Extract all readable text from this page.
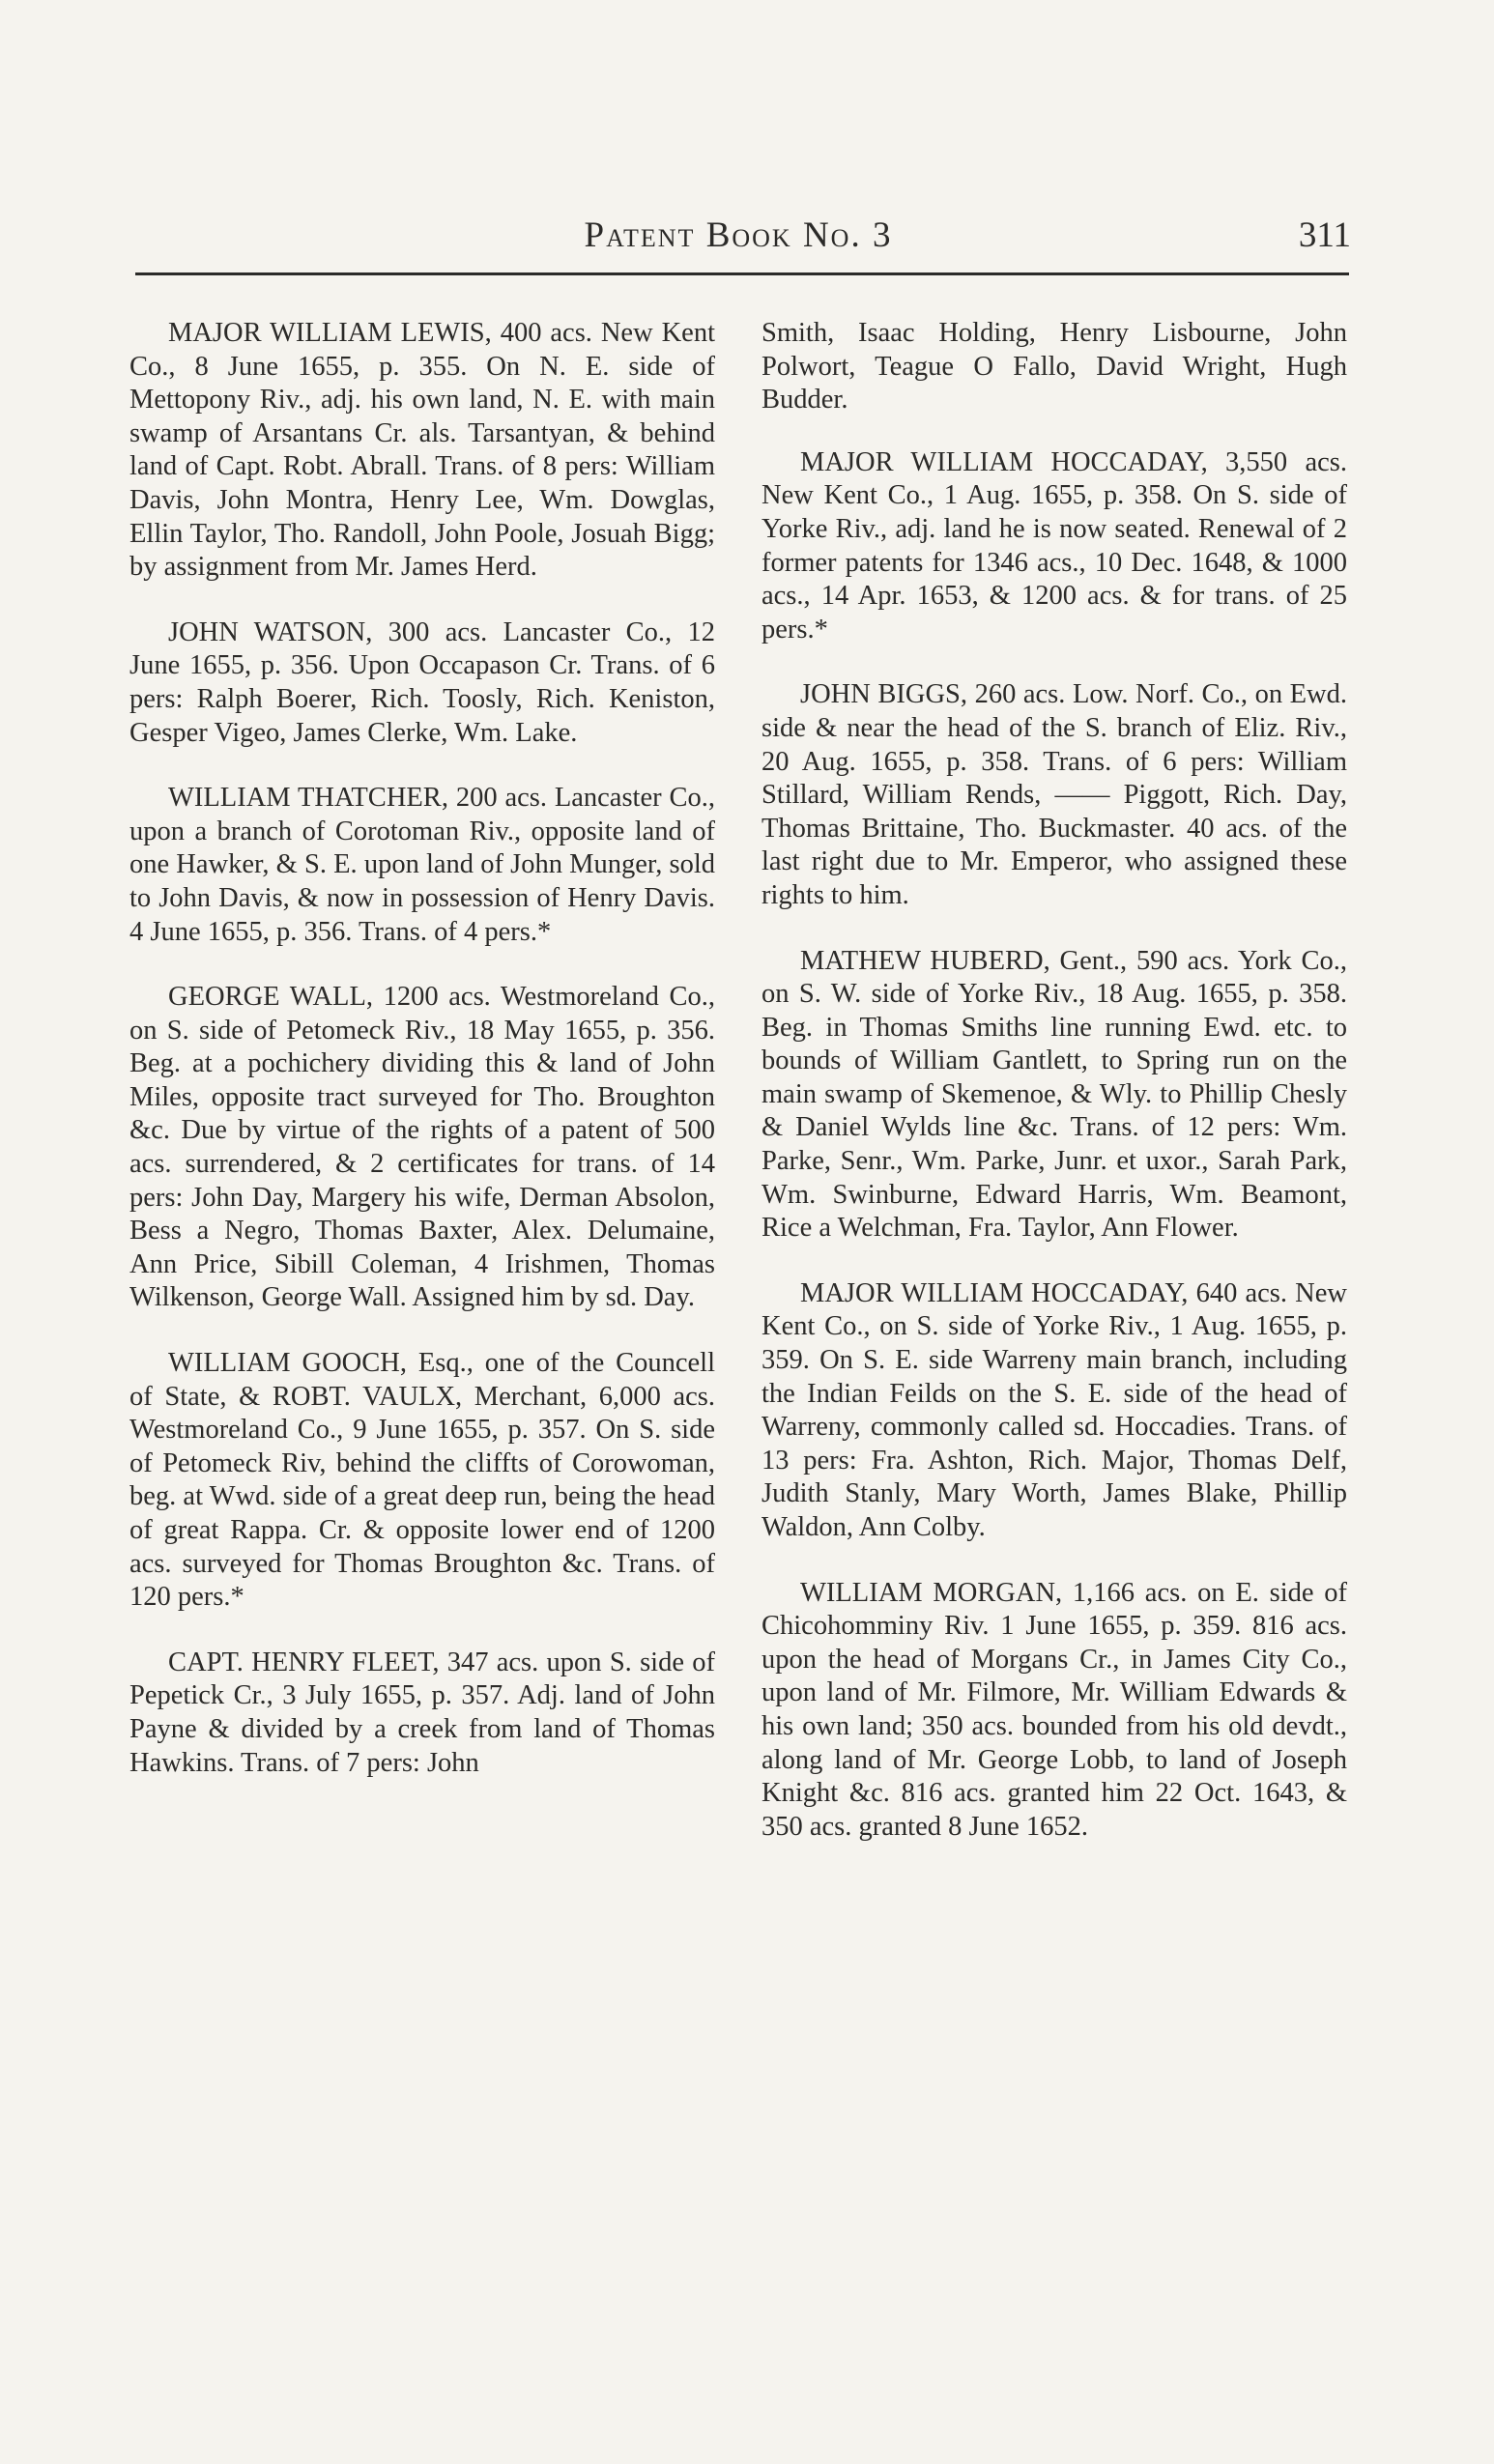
Patent Book No. 3	311

MAJOR WILLIAM LEWIS, 400 acs. New Kent Co., 8 June 1655, p. 355. On N. E. side of Mettopony Riv., adj. his own land, N. E. with main swamp of Arsantans Cr. als. Tarsantyan, & behind land of Capt. Robt. Abrall. Trans. of 8 pers: William Davis, John Montra, Henry Lee, Wm. Dowglas, Ellin Taylor, Tho. Randoll, John Poole, Josuah Bigg; by assignment from Mr. James Herd.

JOHN WATSON, 300 acs. Lancaster Co., 12 June 1655, p. 356. Upon Occapason Cr. Trans. of 6 pers: Ralph Boerer, Rich. Toosly, Rich. Keniston, Gesper Vigeo, James Clerke, Wm. Lake.

WILLIAM THATCHER, 200 acs. Lancaster Co., upon a branch of Corotoman Riv., opposite land of one Hawker, & S. E. upon land of John Munger, sold to John Davis, & now in possession of Henry Davis. 4 June 1655, p. 356. Trans. of 4 pers.*

GEORGE WALL, 1200 acs. Westmoreland Co., on S. side of Petomeck Riv., 18 May 1655, p. 356. Beg. at a pochichery dividing this & land of John Miles, opposite tract surveyed for Tho. Broughton &c. Due by virtue of the rights of a patent of 500 acs. surrendered, & 2 certificates for trans. of 14 pers: John Day, Margery his wife, Derman Absolon, Bess a Negro, Thomas Baxter, Alex. Delumaine, Ann Price, Sibill Coleman, 4 Irishmen, Thomas Wilkenson, George Wall. Assigned him by sd. Day.

WILLIAM GOOCH, Esq., one of the Councell of State, & ROBT. VAULX, Merchant, 6,000 acs. Westmoreland Co., 9 June 1655, p. 357. On S. side of Petomeck Riv, behind the cliffts of Corowoman, beg. at Wwd. side of a great deep run, being the head of great Rappa. Cr. & opposite lower end of 1200 acs. surveyed for Thomas Broughton &c. Trans. of 120 pers.*

CAPT. HENRY FLEET, 347 acs. upon S. side of Pepetick Cr., 3 July 1655, p. 357. Adj. land of John Payne & divided by a creek from land of Thomas Hawkins. Trans. of 7 pers: John

Smith, Isaac Holding, Henry Lisbourne, John Polwort, Teague O Fallo, David Wright, Hugh Budder.

MAJOR WILLIAM HOCCADAY, 3,550 acs. New Kent Co., 1 Aug. 1655, p. 358. On S. side of Yorke Riv., adj. land he is now seated. Renewal of 2 former patents for 1346 acs., 10 Dec. 1648, & 1000 acs., 14 Apr. 1653, & 1200 acs. & for trans. of 25 pers.*

JOHN BIGGS, 260 acs. Low. Norf. Co., on Ewd. side & near the head of the S. branch of Eliz. Riv., 20 Aug. 1655, p. 358. Trans. of 6 pers: William Stillard, William Rends, —— Piggott, Rich. Day, Thomas Brittaine, Tho. Buckmaster. 40 acs. of the last right due to Mr. Emperor, who assigned these rights to him.

MATHEW HUBERD, Gent., 590 acs. York Co., on S. W. side of Yorke Riv., 18 Aug. 1655, p. 358. Beg. in Thomas Smiths line running Ewd. etc. to bounds of William Gantlett, to Spring run on the main swamp of Skemenoe, & Wly. to Phillip Chesly & Daniel Wylds line &c. Trans. of 12 pers: Wm. Parke, Senr., Wm. Parke, Junr. et uxor., Sarah Park, Wm. Swinburne, Edward Harris, Wm. Beamont, Rice a Welchman, Fra. Taylor, Ann Flower.

MAJOR WILLIAM HOCCADAY, 640 acs. New Kent Co., on S. side of Yorke Riv., 1 Aug. 1655, p. 359. On S. E. side Warreny main branch, including the Indian Feilds on the S. E. side of the head of Warreny, commonly called sd. Hoccadies. Trans. of 13 pers: Fra. Ashton, Rich. Major, Thomas Delf, Judith Stanly, Mary Worth, James Blake, Phillip Waldon, Ann Colby.

WILLIAM MORGAN, 1,166 acs. on E. side of Chicohomminy Riv. 1 June 1655, p. 359. 816 acs. upon the head of Morgans Cr., in James City Co., upon land of Mr. Filmore, Mr. William Edwards & his own land; 350 acs. bounded from his old devdt., along land of Mr. George Lobb, to land of Joseph Knight &c. 816 acs. granted him 22 Oct. 1643, & 350 acs. granted 8 June 1652.
